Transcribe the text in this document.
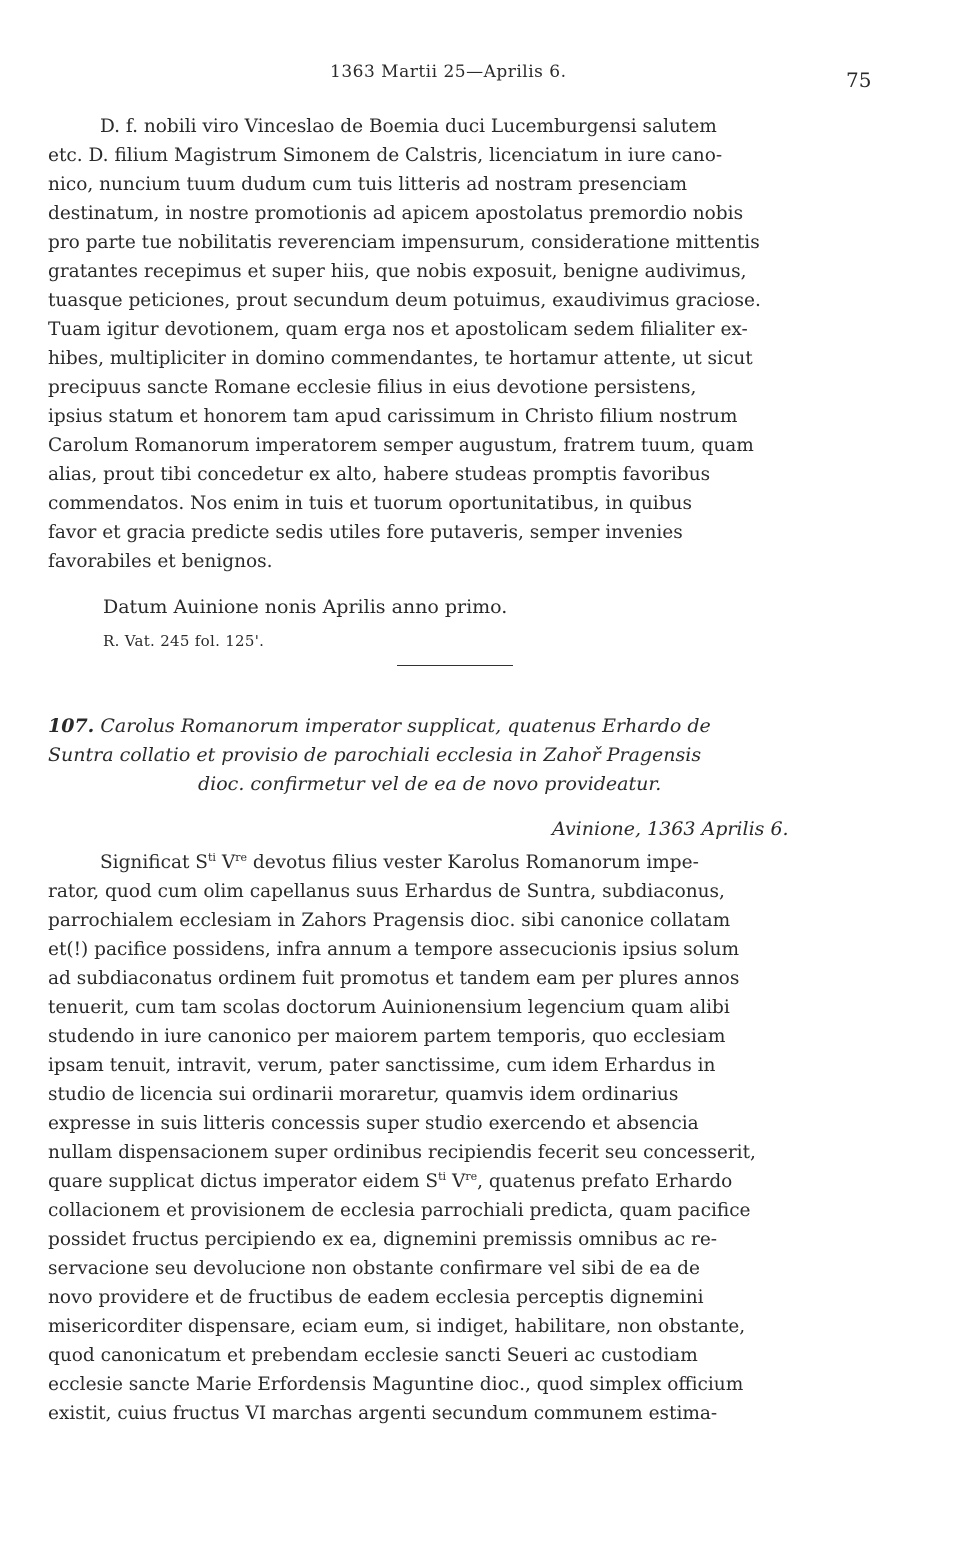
1363 Martii 25—Aprilis 6.	75
D. f. nobili viro Vinceslao de Boemia duci Lucemburgensi salutem
etc. D. filium Magistrum Simonem de Calstris, licenciatum in iure cano-
nico, nuncium tuum dudum cum tuis litteris ad nostram presenciam
destinatum, in nostre promotionis ad apicem apostolatus premordio nobis
pro parte tue nobilitatis reverenciam impensurum, consideratione mittentis
gratantes recepimus et super hiis, que nobis exposuit, benigne audivimus,
tuasque peticiones, prout secundum deum potuimus, exaudivimus graciose.
Tuam igitur devotionem, quam erga nos et apostolicam sedem filialiter ex-
hibes, multipliciter in domino commendantes, te hortamur attente, ut sicut
precipuus sancte Romane ecclesie filius in eius devotione persistens,
ipsius statum et honorem tam apud carissimum in Christo filium nostrum
Carolum Romanorum imperatorem semper augustum, fratrem tuum, quam
alias, prout tibi concedetur ex alto, habere studeas promptis favoribus
commendatos. Nos enim in tuis et tuorum oportunitatibus, in quibus
favor et gracia predicte sedis utiles fore putaveris, semper invenies
favorabiles et benignos.
Datum Auinione nonis Aprilis anno primo.
R. Vat. 245 fol. 125'.
107. Carolus Romanorum imperator supplicat, quatenus Erhardo de
Suntra collatio et provisio de parochiali ecclesia in Zahoř Pragensis
dioc. confirmetur vel de ea de novo provideatur.
Avinione, 1363 Aprilis 6.
Significat $S^{ti}$ Vre devotus filius vester Karolus Romanorum impe-
rator, quod cum olim capellanus suus Erhardus de Suntra, subdiaconus,
parrochialem ecclesiam in Zahors Pragensis dioc. sibi canonice collatam
et(!) pacifice possidens, infra annum a tempore assecucionis ipsius solum
ad subdiaconatus ordinem fuit promotus et tandem eam per plures annos
tenuerit, cum tam scolas doctorum Auinionensium legencium quam alibi
studendo in iure canonico per maiorem partem temporis, quo ecclesiam
ipsam tenuit, intravit, verum, pater sanctissime, cum idem Erhardus in
studio de licencia sui ordinarii moraretur, quamvis idem ordinarius
expresse in suis litteris concessis super studio exercendo et absencia
nullam dispensacionem super ordinibus recipiendis fecerit seu concesserit,
quare supplicat dictus imperator eidem $S^{ti}$ Vre, quatenus prefato Erhardo
collacionem et provisionem de ecclesia parrochiali predicta, quam pacifice
possidet fructus percipiendo ex ea, dignemini premissis omnibus ac re-
servacione seu devolucione non obstante confirmare vel sibi de ea de
novo providere et de fructibus de eadem ecclesia perceptis dignemini
misericorditer dispensare, eciam eum, si indiget, habilitare, non obstante,
quod canonicatum et prebendam ecclesie sancti Seueri ac custodiam
ecclesie sancte Marie Erfordensis Maguntine dioc., quod simplex officium
existit, cuius fructus VI marchas argenti secundum communem estima-
